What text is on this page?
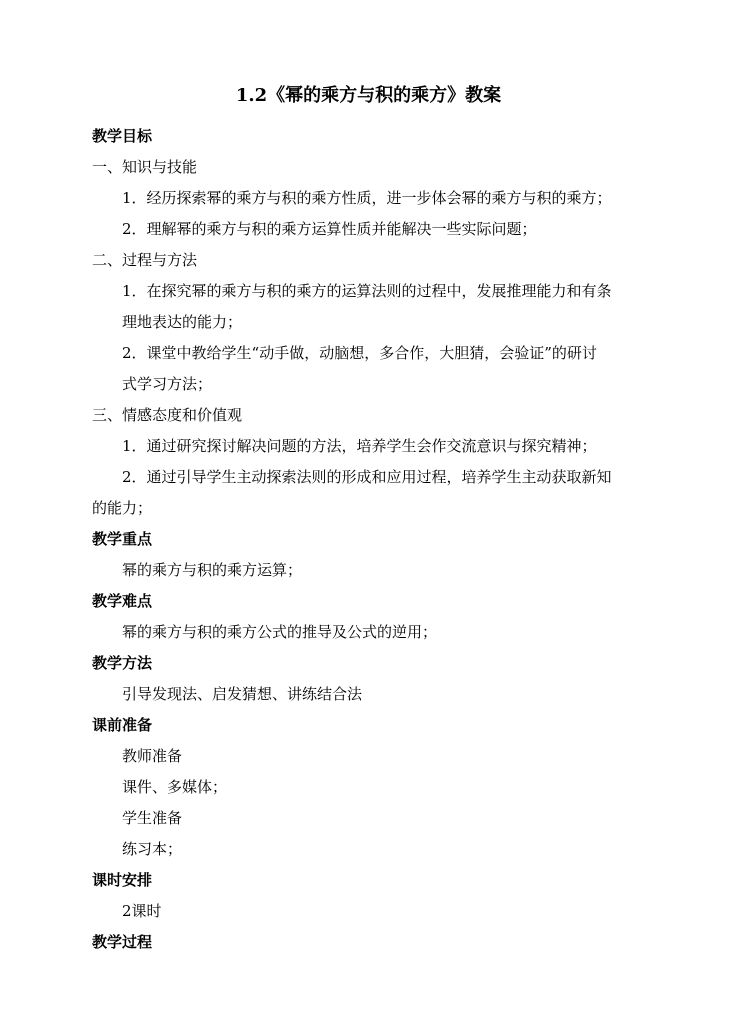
1.2《幂的乘方与积的乘方》教案
教学目标
一、知识与技能
1．经历探索幂的乘方与积的乘方性质，进一步体会幂的乘方与积的乘方；
2．理解幂的乘方与积的乘方运算性质并能解决一些实际问题；
二、过程与方法
1．在探究幂的乘方与积的乘方的运算法则的过程中，发展推理能力和有条
理地表达的能力；
2．课堂中教给学生“动手做，动脑想，多合作，大胆猜，会验证”的研讨
式学习方法；
三、情感态度和价值观
1．通过研究探讨解决问题的方法，培养学生会作交流意识与探究精神；
2．通过引导学生主动探索法则的形成和应用过程，培养学生主动获取新知
的能力；
教学重点
幂的乘方与积的乘方运算；
教学难点
幂的乘方与积的乘方公式的推导及公式的逆用；
教学方法
引导发现法、启发猜想、讲练结合法
课前准备
教师准备
课件、多媒体；
学生准备
练习本；
课时安排
2课时
教学过程
